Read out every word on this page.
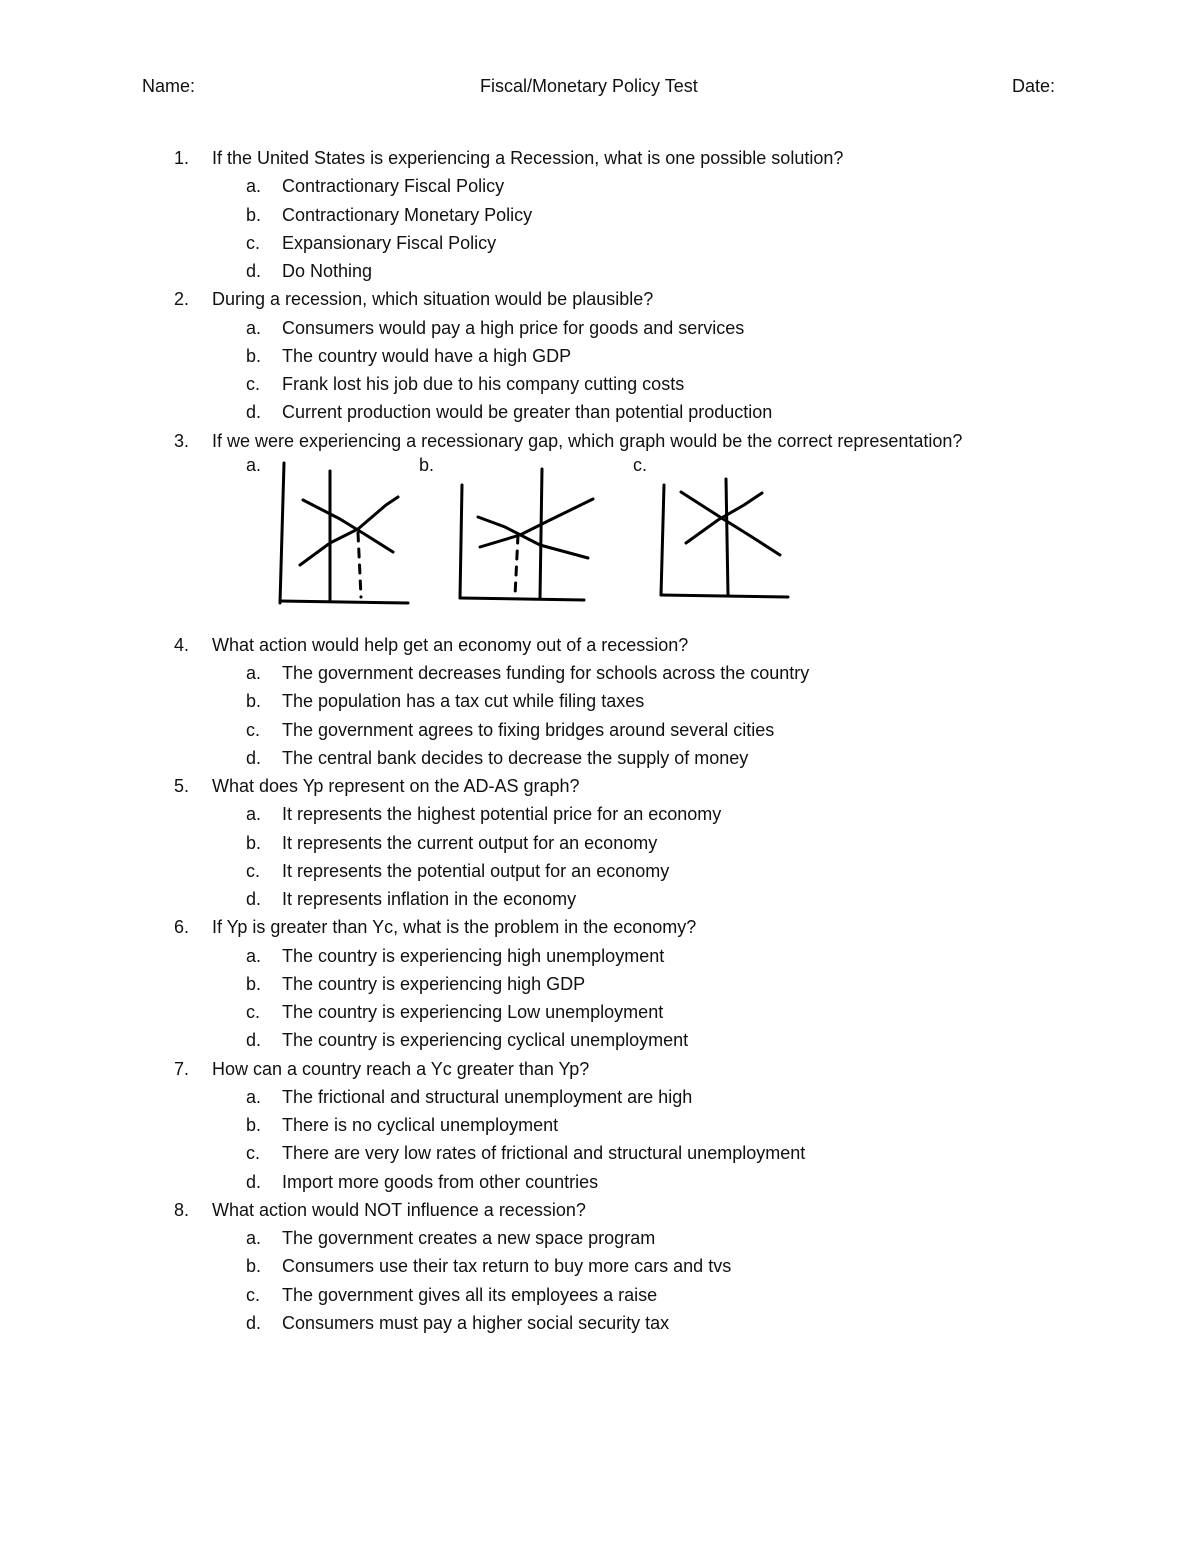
Name:	Fiscal/Monetary Policy Test	Date:
1. If the United States is experiencing a Recession, what is one possible solution?
a. Contractionary Fiscal Policy
b. Contractionary Monetary Policy
c. Expansionary Fiscal Policy
d. Do Nothing
2. During a recession, which situation would be plausible?
a. Consumers would pay a high price for goods and services
b. The country would have a high GDP
c. Frank lost his job due to his company cutting costs
d. Current production would be greater than potential production
3. If we were experiencing a recessionary gap, which graph would be the correct representation?
a.	b.	c.
4. What action would help get an economy out of a recession?
a. The government decreases funding for schools across the country
b. The population has a tax cut while filing taxes
c. The government agrees to fixing bridges around several cities
d. The central bank decides to decrease the supply of money
5. What does Yp represent on the AD-AS graph?
a. It represents the highest potential price for an economy
b. It represents the current output for an economy
c. It represents the potential output for an economy
d. It represents inflation in the economy
6. If Yp is greater than Yc, what is the problem in the economy?
a. The country is experiencing high unemployment
b. The country is experiencing high GDP
c. The country is experiencing Low unemployment
d. The country is experiencing cyclical unemployment
7. How can a country reach a Yc greater than Yp?
a. The frictional and structural unemployment are high
b. There is no cyclical unemployment
c. There are very low rates of frictional and structural unemployment
d. Import more goods from other countries
8. What action would NOT influence a recession?
a. The government creates a new space program
b. Consumers use their tax return to buy more cars and tvs
c. The government gives all its employees a raise
d. Consumers must pay a higher social security tax
